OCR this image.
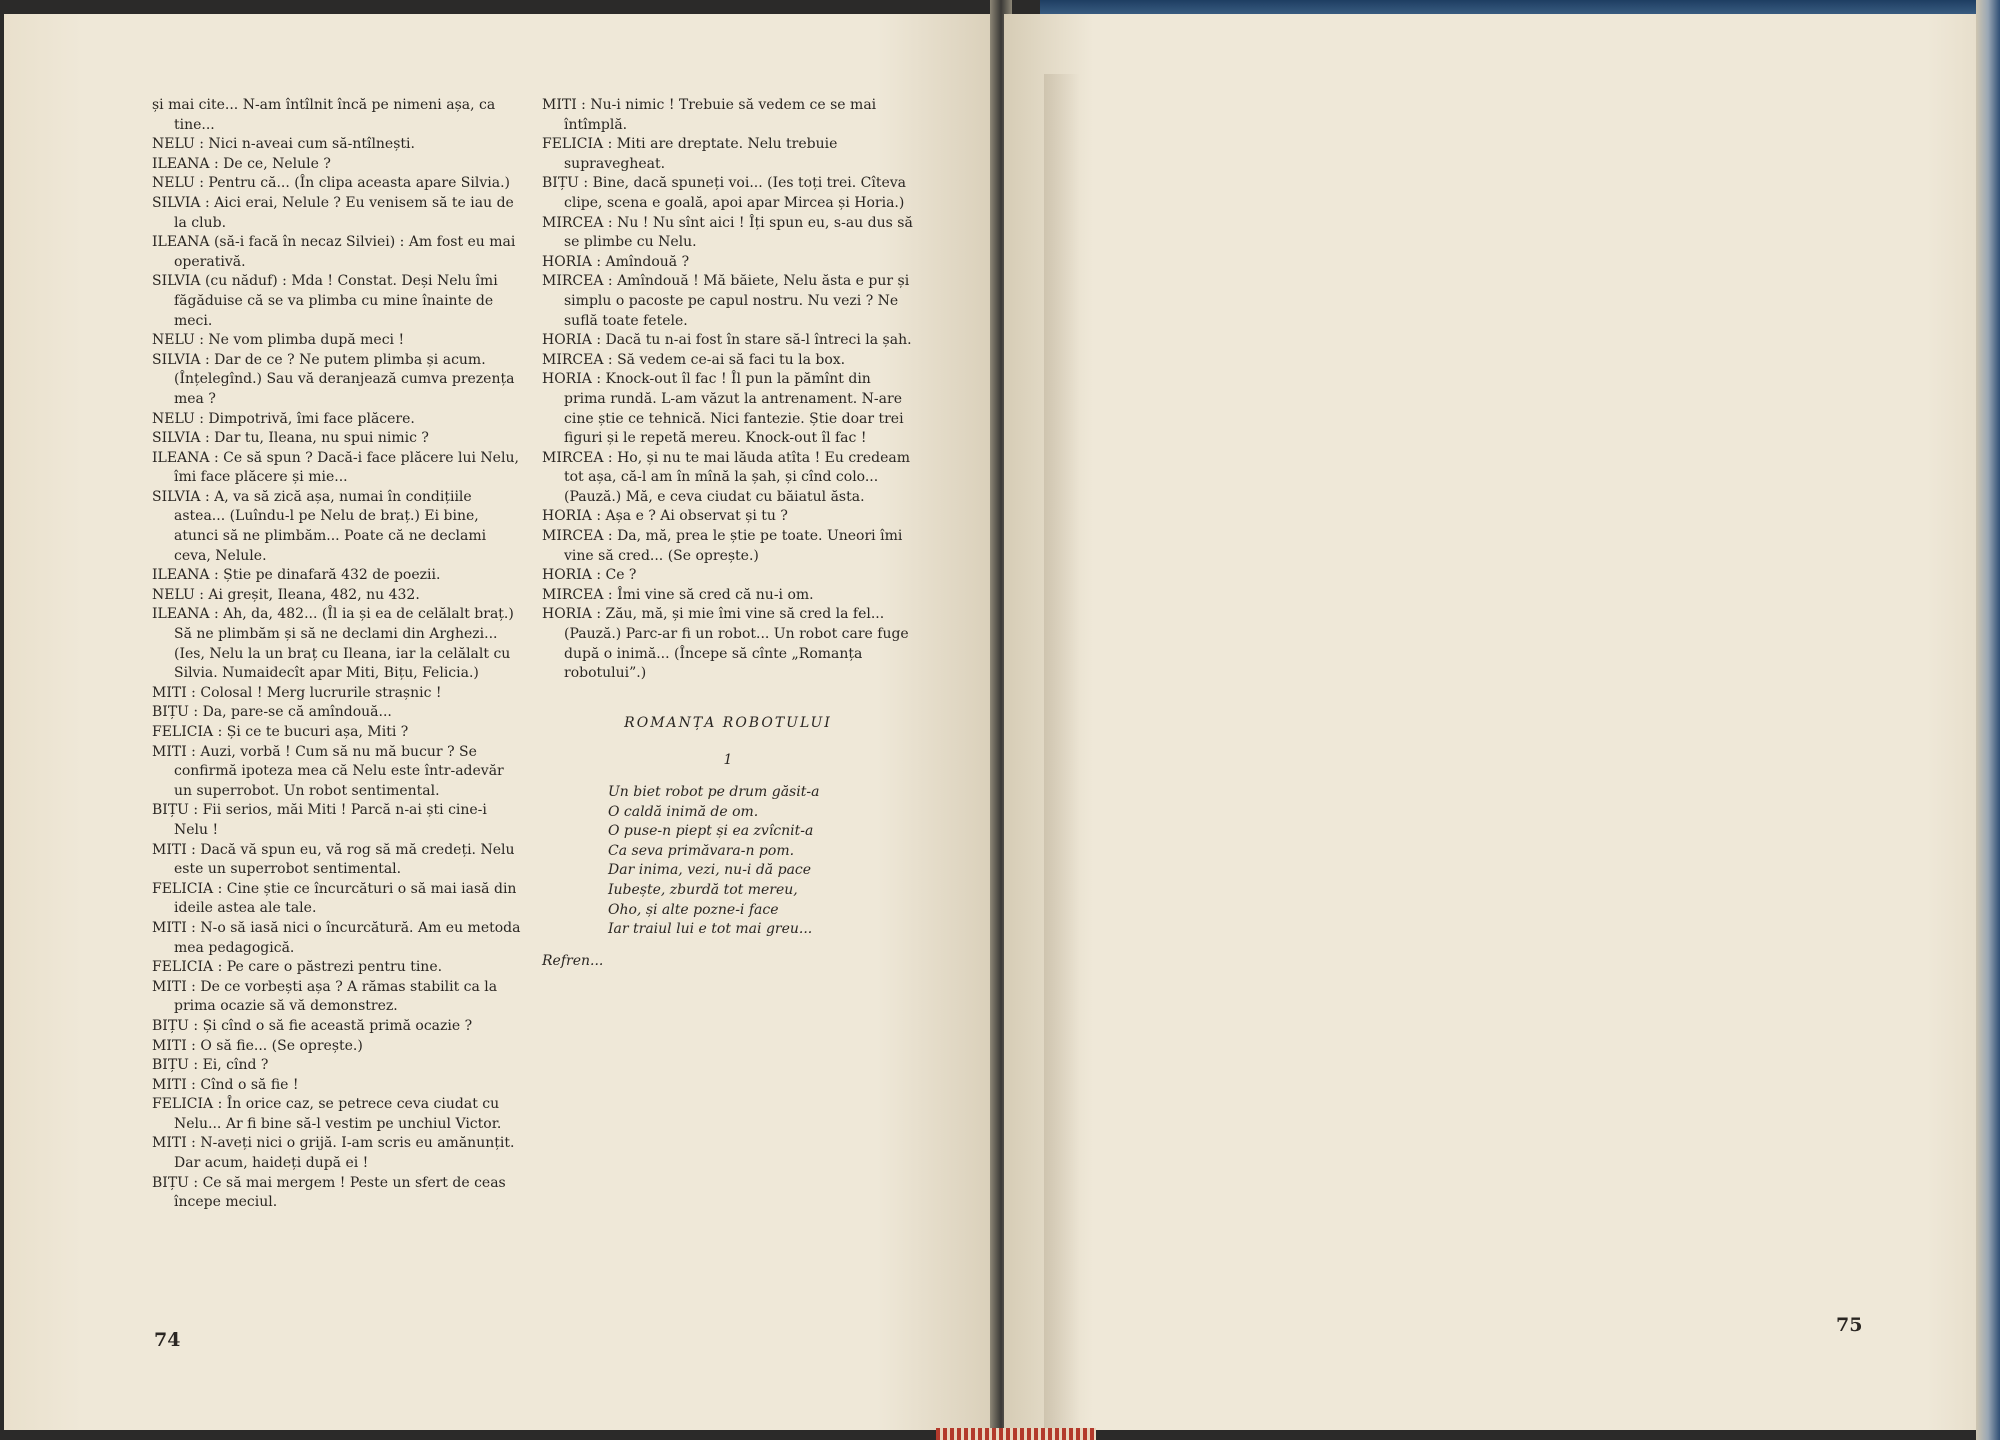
și mai cite... N-am întîlnit încă pe nimeni așa, ca tine...

NELU : Nici n-aveai cum să-ntîlnești.

ILEANA : De ce, Nelule ?

NELU : Pentru că... (În clipa aceasta apare Silvia.)

SILVIA : Aici erai, Nelule ? Eu venisem să te iau de la club.

ILEANA (să-i facă în necaz Silviei) : Am fost eu mai operativă.

SILVIA (cu năduf) : Mda ! Constat. Deși Nelu îmi făgăduise că se va plimba cu mine înainte de meci.

NELU : Ne vom plimba după meci !

SILVIA : Dar de ce ? Ne putem plimba și acum. (Înțelegînd.) Sau vă deranjează cumva prezența mea ?

NELU : Dimpotrivă, îmi face plăcere.

SILVIA : Dar tu, Ileana, nu spui nimic ?

ILEANA : Ce să spun ? Dacă-i face plăcere lui Nelu, îmi face plăcere și mie...

SILVIA : A, va să zică așa, numai în condițiile astea... (Luîndu-l pe Nelu de braț.) Ei bine, atunci să ne plimbăm... Poate că ne declami ceva, Nelule.

ILEANA : Știe pe dinafară 432 de poezii.

NELU : Ai greșit, Ileana, 482, nu 432.

ILEANA : Ah, da, 482... (Îl ia și ea de celălalt braț.) Să ne plimbăm și să ne declami din Arghezi... (Ies, Nelu la un braț cu Ileana, iar la celălalt cu Silvia. Numaidecît apar Miti, Bițu, Felicia.)

MITI : Colosal ! Merg lucrurile strașnic !

BIȚU : Da, pare-se că amîndouă...

FELICIA : Și ce te bucuri așa, Miti ?

MITI : Auzi, vorbă ! Cum să nu mă bucur ? Se confirmă ipoteza mea că Nelu este într-adevăr un superrobot. Un robot sentimental.

BIȚU : Fii serios, măi Miti ! Parcă n-ai ști cine-i Nelu !

MITI : Dacă vă spun eu, vă rog să mă credeți. Nelu este un superrobot sentimental.

FELICIA : Cine știe ce încurcături o să mai iasă din ideile astea ale tale.

MITI : N-o să iasă nici o încurcătură. Am eu metoda mea pedagogică.

FELICIA : Pe care o păstrezi pentru tine.

MITI : De ce vorbești așa ? A rămas stabilit ca la prima ocazie să vă demonstrez.

BIȚU : Și cînd o să fie această primă ocazie ?

MITI : O să fie... (Se oprește.)

BIȚU : Ei, cînd ?

MITI : Cînd o să fie !

FELICIA : În orice caz, se petrece ceva ciudat cu Nelu... Ar fi bine să-l vestim pe unchiul Victor.

MITI : N-aveți nici o grijă. I-am scris eu amănunțit. Dar acum, haideți după ei !

BIȚU : Ce să mai mergem ! Peste un sfert de ceas începe meciul.

MITI : Nu-i nimic ! Trebuie să vedem ce se mai întîmplă.

FELICIA : Miti are dreptate. Nelu trebuie supravegheat.

BIȚU : Bine, dacă spuneți voi... (Ies toți trei. Cîteva clipe, scena e goală, apoi apar Mircea și Horia.)

MIRCEA : Nu ! Nu sînt aici ! Îți spun eu, s-au dus să se plimbe cu Nelu.

HORIA : Amîndouă ?

MIRCEA : Amîndouă ! Mă băiete, Nelu ăsta e pur și simplu o pacoste pe capul nostru. Nu vezi ? Ne suflă toate fetele.

HORIA : Dacă tu n-ai fost în stare să-l întreci la șah.

MIRCEA : Să vedem ce-ai să faci tu la box.

HORIA : Knock-out îl fac ! Îl pun la pămînt din prima rundă. L-am văzut la antrenament. N-are cine știe ce tehnică. Nici fantezie. Știe doar trei figuri și le repetă mereu. Knock-out îl fac !

MIRCEA : Ho, și nu te mai lăuda atîta ! Eu credeam tot așa, că-l am în mînă la șah, și cînd colo... (Pauză.) Mă, e ceva ciudat cu băiatul ăsta.

HORIA : Așa e ? Ai observat și tu ?

MIRCEA : Da, mă, prea le știe pe toate. Uneori îmi vine să cred... (Se oprește.)

HORIA : Ce ?

MIRCEA : Îmi vine să cred că nu-i om.

HORIA : Zău, mă, și mie îmi vine să cred la fel... (Pauză.) Parc-ar fi un robot... Un robot care fuge după o inimă... (Începe să cînte „Romanța robotului”.)

ROMANȚA ROBOTULUI

1

Un biet robot pe drum găsit-a

O caldă inimă de om.

O puse-n piept și ea zvîcnit-a

Ca seva primăvara-n pom.

Dar inima, vezi, nu-i dă pace

Iubește, zburdă tot mereu,

Oho, și alte pozne-i face

Iar traiul lui e tot mai greu...

Refren...

74
75
